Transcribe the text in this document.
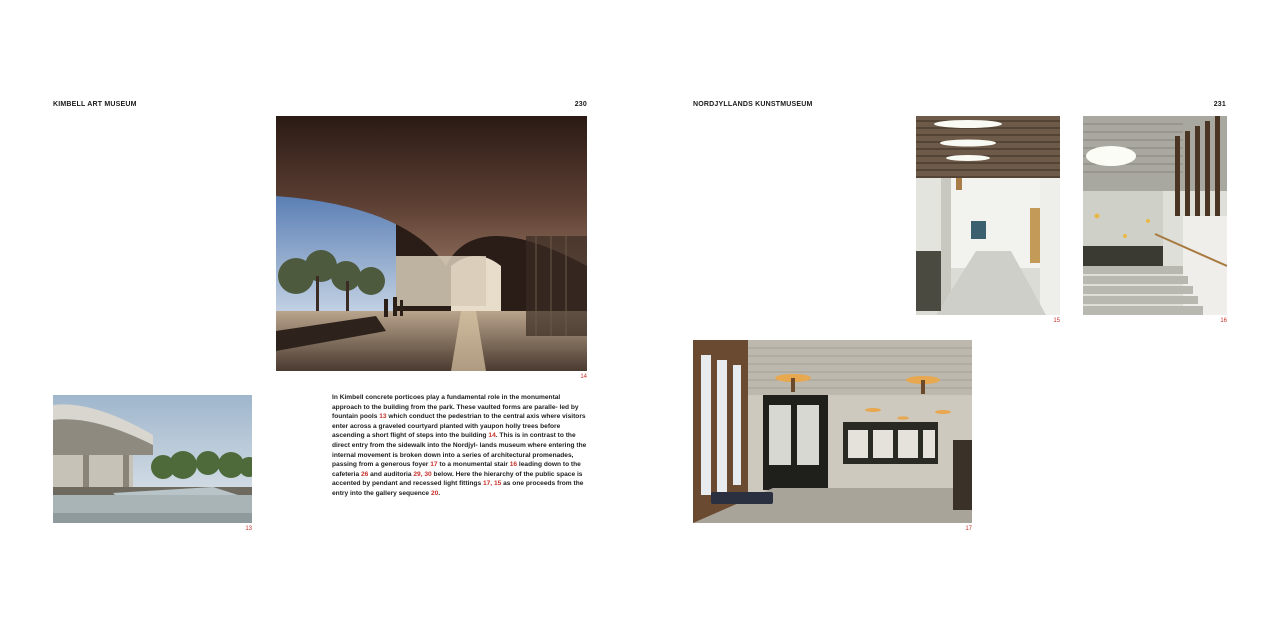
KIMBELL ART MUSEUM	230
14
13
In Kimbell concrete porticoes play a fundamental role in the monumental approach to the building from the park. These vaulted forms are paralle- led by fountain pools 13 which conduct the pedestrian to the central axis where visitors enter across a graveled courtyard planted with yaupon holly trees before ascending a short flight of steps into the building 14. This is in contrast to the direct entry from the sidewalk into the Nordjyl- lands museum where entering the internal movement is broken down into a series of architectural promenades, passing from a generous foyer 17 to a monumental stair 16 leading down to the cafeteria 26 and auditoria 29, 30 below. Here the hierarchy of the public space is accented by pendant and recessed light fittings 17, 15 as one proceeds from the entry into the gallery sequence 20.
NORDJYLLANDS KUNSTMUSEUM	231
15	16
17
